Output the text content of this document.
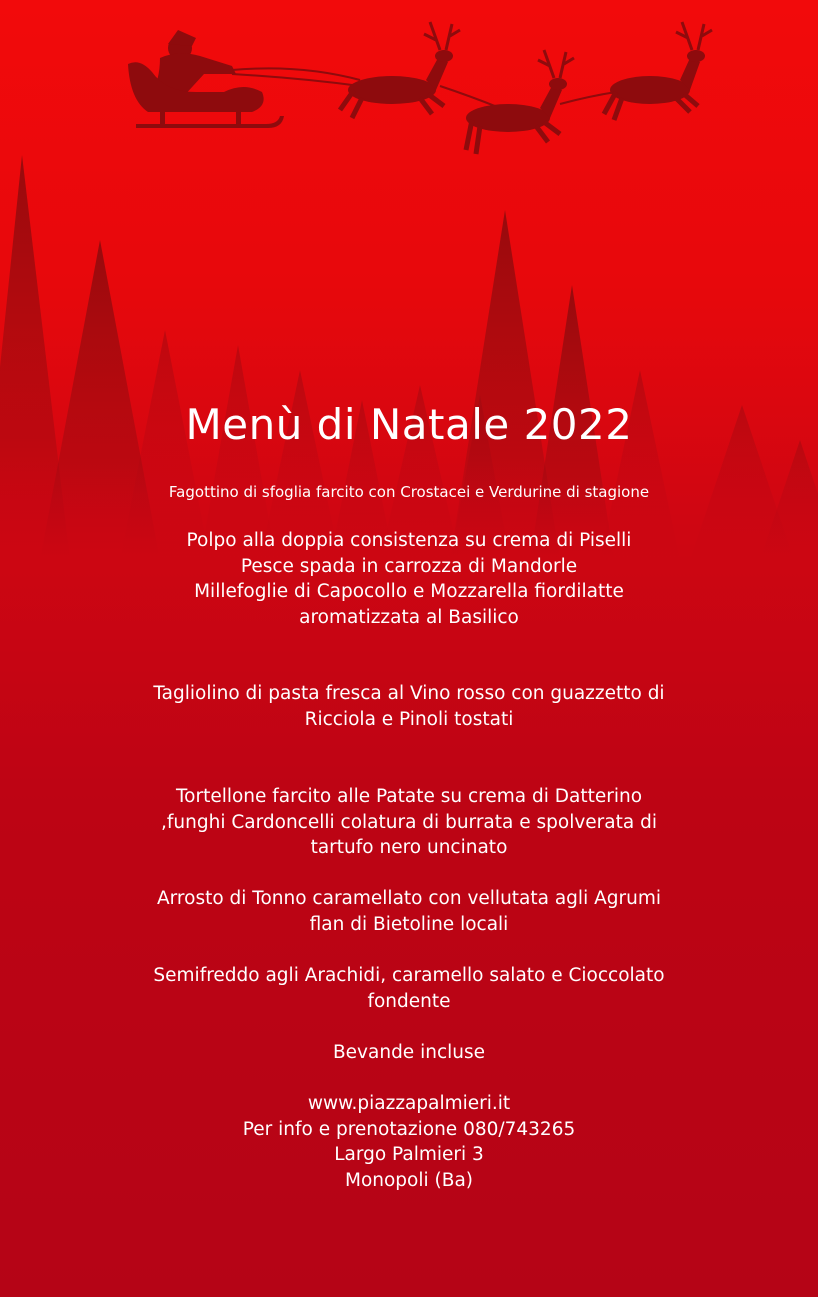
Menù di Natale 2022

Fagottino di sfoglia farcito con Crostacei e Verdurine di stagione

Polpo alla doppia consistenza su crema di Piselli

Pesce spada in carrozza di Mandorle

Millefoglie di Capocollo e Mozzarella fiordilatte

aromatizzata al Basilico

Tagliolino di pasta fresca al Vino rosso con guazzetto di

Ricciola e Pinoli tostati

Tortellone farcito alle Patate su crema di Datterino

,funghi Cardoncelli colatura di burrata e spolverata di

tartufo nero uncinato

Arrosto di Tonno caramellato con vellutata agli Agrumi

flan di Bietoline locali

Semifreddo agli Arachidi, caramello salato e Cioccolato

fondente

Bevande incluse

www.piazzapalmieri.it

Per info e prenotazione 080/743265

Largo Palmieri 3

Monopoli (Ba)
